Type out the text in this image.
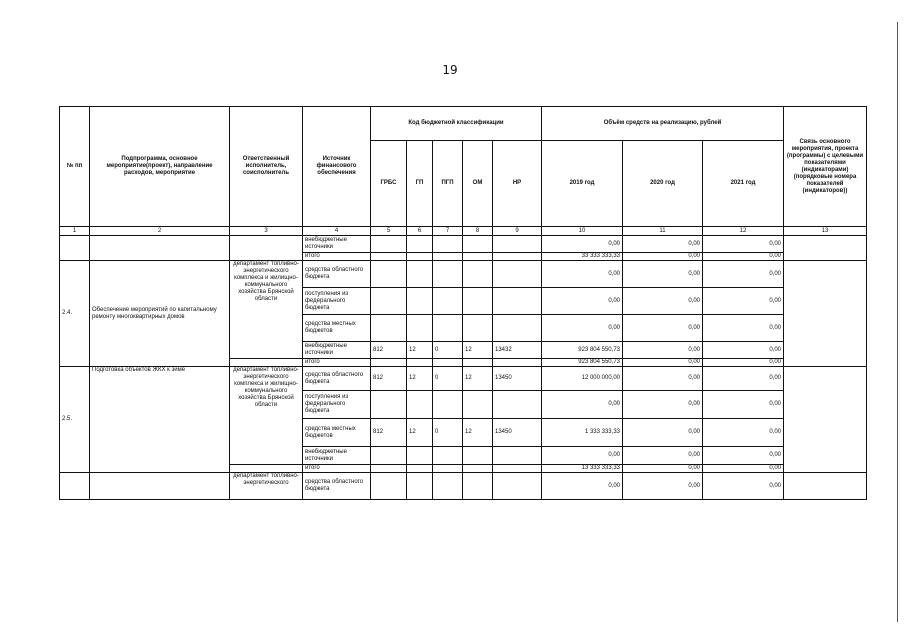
19
№ пп	Подпрограмма, основное мероприятие(проект), направление расходов, мероприятие	Ответственный исполнитель, соисполнитель	Источник финансового обеспечения	Код бюджетной классификации					Объём средств на реализацию, рублей			Связь основного мероприятия, проекта (программы) с целевыми показателями (индикаторами) (порядковые номера показателей (индикаторов))
				ГРБС	ГП	ПГП	ОМ	НР	2019 год	2020 год	2021 год	
1	2	3	4	5	6	7	8	9	10	11	12	13
			внебюджетные источники						0,00	0,00	0,00	
			итого						33 333 333,33	0,00	0,00	
2.4.	Обеспечение мероприятий по капитальному ремонту многоквартирных домов	департамент топливно-энергетического комплекса и жилищно-коммунального хозяйства Брянской области	средства областного бюджета						0,00	0,00	0,00	
			поступления из федерального бюджета						0,00	0,00	0,00	
			средства местных бюджетов						0,00	0,00	0,00	
			внебюджетные источники	812	12	0	12	13432	923 804 550,73	0,00	0,00	
			итого						923 804 550,73	0,00	0,00	
2.5.	Подготовка объектов ЖКХ к зиме	департамент топливно-энергетического комплекса и жилищно-коммунального хозяйства Брянской области	средства областного бюджета	812	12	0	12	13450	12 000 000,00	0,00	0,00	
			поступления из федерального бюджета						0,00	0,00	0,00	
			средства местных бюджетов	812	12	0	12	13450	1 333 333,33	0,00	0,00	
			внебюджетные источники						0,00	0,00	0,00	
			итого						13 333 333,33	0,00	0,00	
		департамент топливно-энергетического	средства областного бюджета						0,00	0,00	0,00	
